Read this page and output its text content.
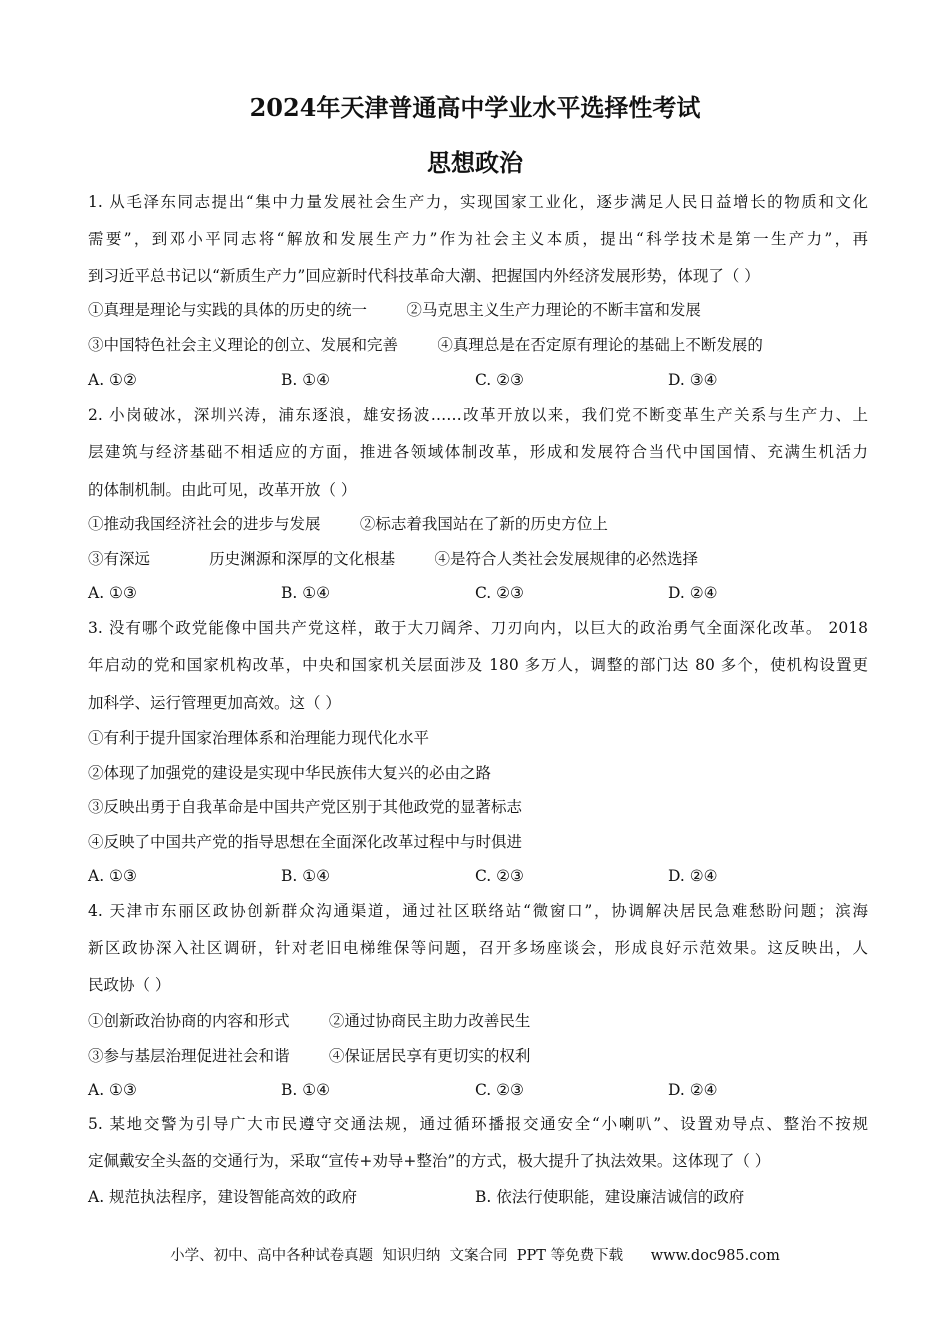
2024年天津普通高中学业水平选择性考试
思想政治
1. 从毛泽东同志提出“集中力量发展社会生产力，实现国家工业化，逐步满足人民日益增长的物质和文化
需要”，到邓小平同志将“解放和发展生产力”作为社会主义本质，提出“科学技术是第一生产力”，再
到习近平总书记以“新质生产力”回应新时代科技革命大潮、把握国内外经济发展形势，体现了（ ）
①真理是理论与实践的具体的历史的统一        ②马克思主义生产力理论的不断丰富和发展
③中国特色社会主义理论的创立、发展和完善        ④真理总是在否定原有理论的基础上不断发展的
A. ①②	B. ①④	C. ②③	D. ③④
2. 小岗破冰，深圳兴涛，浦东逐浪，雄安扬波……改革开放以来，我们党不断变革生产关系与生产力、上
层建筑与经济基础不相适应的方面，推进各领域体制改革，形成和发展符合当代中国国情、充满生机活力
的体制机制。由此可见，改革开放（ ）
①推动我国经济社会的进步与发展        ②标志着我国站在了新的历史方位上
③有深远            历史渊源和深厚的文化根基        ④是符合人类社会发展规律的必然选择
A. ①③	B. ①④	C. ②③	D. ②④
3. 没有哪个政党能像中国共产党这样，敢于大刀阔斧、刀刃向内，以巨大的政治勇气全面深化改革。 2018
年启动的党和国家机构改革，中央和国家机关层面涉及 180 多万人，调整的部门达 80 多个，使机构设置更
加科学、运行管理更加高效。这（ ）
①有利于提升国家治理体系和治理能力现代化水平
②体现了加强党的建设是实现中华民族伟大复兴的必由之路
③反映出勇于自我革命是中国共产党区别于其他政党的显著标志
④反映了中国共产党的指导思想在全面深化改革过程中与时俱进
A. ①③	B. ①④	C. ②③	D. ②④
4. 天津市东丽区政协创新群众沟通渠道，通过社区联络站“微窗口”，协调解决居民急难愁盼问题；滨海
新区政协深入社区调研，针对老旧电梯维保等问题，召开多场座谈会，形成良好示范效果。这反映出，人
民政协（ ）
①创新政治协商的内容和形式        ②通过协商民主助力改善民生
③参与基层治理促进社会和谐        ④保证居民享有更切实的权利
A. ①③	B. ①④	C. ②③	D. ②④
5. 某地交警为引导广大市民遵守交通法规，通过循环播报交通安全“小喇叭”、设置劝导点、整治不按规
定佩戴安全头盔的交通行为，采取“宣传+劝导+整治”的方式，极大提升了执法效果。这体现了（ ）
A. 规范执法程序，建设智能高效的政府	B. 依法行使职能，建设廉洁诚信的政府
小学、初中、高中各种试卷真题  知识归纳  文案合同  PPT 等免费下载      www.doc985.com
